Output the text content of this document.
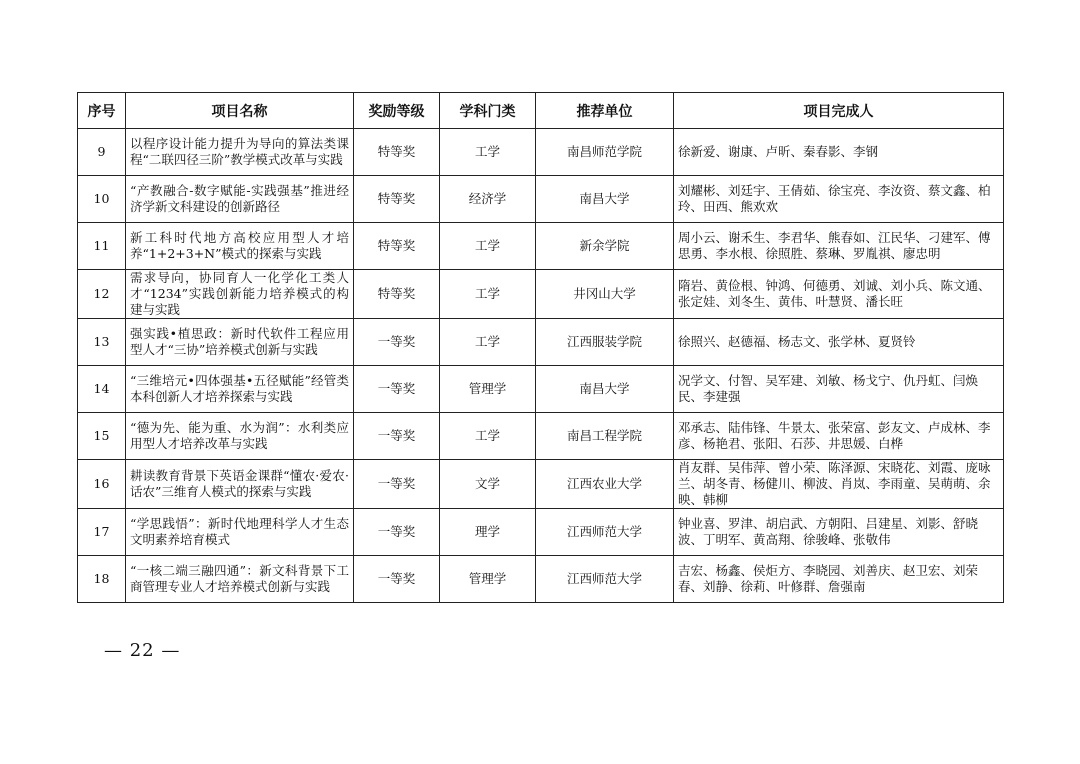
序号	项目名称	奖励等级	学科门类	推荐单位	项目完成人
9	以程序设计能力提升为导向的算法类课程“二联四径三阶”教学模式改革与实践	特等奖	工学	南昌师范学院	徐新爱、谢康、卢昕、秦春影、李钢
10	“产教融合-数字赋能-实践强基”推进经济学新文科建设的创新路径	特等奖	经济学	南昌大学	刘耀彬、刘廷宇、王倩茹、徐宝亮、李汝资、蔡文鑫、柏玲、田西、熊欢欢
11	新工科时代地方高校应用型人才培养“1+2+3+N”模式的探索与实践	特等奖	工学	新余学院	周小云、谢禾生、李君华、熊春如、江民华、刁建军、傅思勇、李水根、徐照胜、蔡琳、罗胤祺、廖忠明
12	需求导向，协同育人一化学化工类人才“1234”实践创新能力培养模式的构建与实践	特等奖	工学	井冈山大学	隋岩、黄俭根、钟鸿、何德勇、刘诚、刘小兵、陈文通、张定娃、刘冬生、黄伟、叶慧贤、潘长旺
13	强实践•植思政：新时代软件工程应用型人才“三协”培养模式创新与实践	一等奖	工学	江西服装学院	徐照兴、赵德福、杨志文、张学林、夏贤铃
14	“三维培元•四体强基•五径赋能”经管类本科创新人才培养探索与实践	一等奖	管理学	南昌大学	况学文、付智、吴军建、刘敏、杨戈宁、仇丹虹、闫焕民、李建强
15	“德为先、能为重、水为润”：水利类应用型人才培养改革与实践	一等奖	工学	南昌工程学院	邓承志、陆伟锋、牛景太、张荣富、彭友文、卢成林、李彦、杨艳君、张阳、石莎、井思媛、白桦
16	耕读教育背景下英语金课群“懂农·爱农·话农”三维育人模式的探索与实践	一等奖	文学	江西农业大学	肖友群、吴伟萍、曾小荣、陈泽源、宋晓花、刘霞、庞咏兰、胡冬青、杨健川、柳波、肖岚、李雨童、吴萌萌、余映、韩柳
17	“学思践悟”：新时代地理科学人才生态文明素养培育模式	一等奖	理学	江西师范大学	钟业喜、罗津、胡启武、方朝阳、吕建星、刘影、舒晓波、丁明军、黄高翔、徐骏峰、张敬伟
18	“一核二端三融四通”：新文科背景下工商管理专业人才培养模式创新与实践	一等奖	管理学	江西师范大学	吉宏、杨鑫、侯炬方、李晓园、刘善庆、赵卫宏、刘荣春、刘静、徐莉、叶修群、詹强南
— 22 —
